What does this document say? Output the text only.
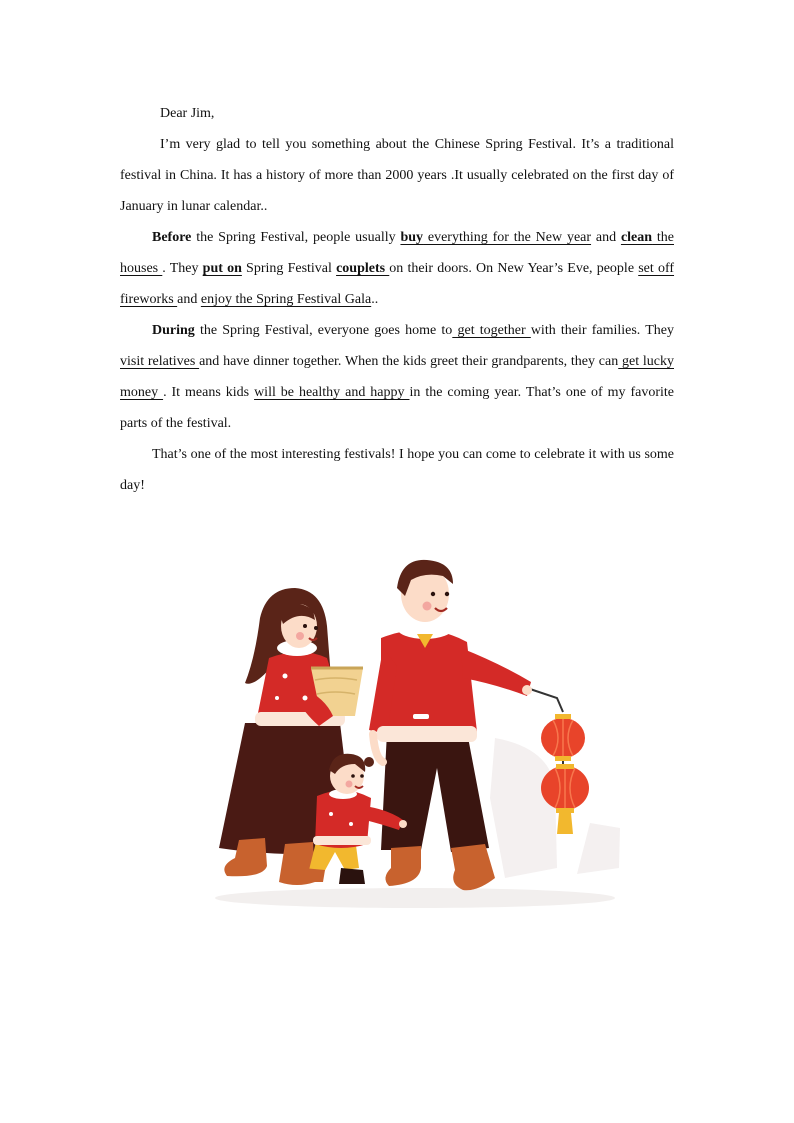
Dear Jim,

I’m very glad to tell you something about the Chinese Spring Festival. It’s a traditional festival in China. It has a history of more than 2000 years .It usually celebrated on the first day of January in lunar calendar..

Before the Spring Festival, people usually buy everything for the New year and clean the houses . They put on Spring Festival couplets on their doors. On New Year’s Eve, people set off fireworks and enjoy the Spring Festival Gala..

During the Spring Festival, everyone goes home to get together with their families. They visit relatives and have dinner together. When the kids greet their grandparents, they can get lucky money . It means kids will be healthy and happy in the coming year. That’s one of my favorite parts of the festival.

That’s one of the most interesting festivals! I hope you can come to celebrate it with us some day!
